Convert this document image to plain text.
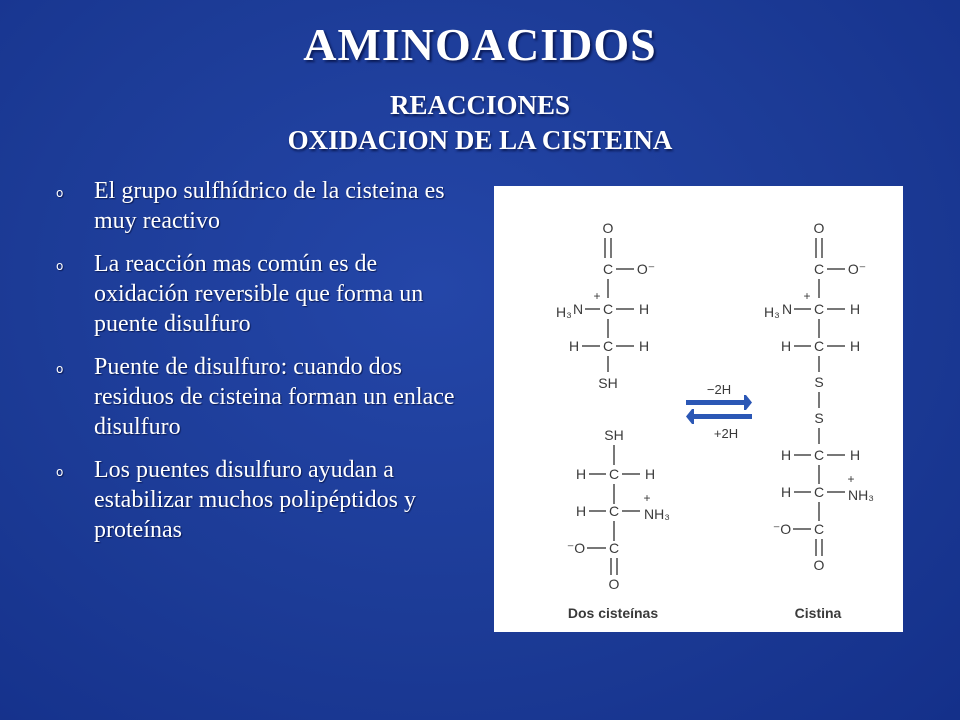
AMINOACIDOS
REACCIONES
OXIDACION DE LA CISTEINA
o El grupo sulfhídrico de la cisteina es muy reactivo
o La reacción mas común es de oxidación reversible que forma un puente disulfuro
o Puente de disulfuro: cuando dos residuos de cisteina forman un enlace disulfuro
o Los puentes disulfuro ayudan a estabilizar muchos polipéptidos y proteínas
O
C O⁻
C
+
H₃ N	H
C
H	H
SH
SH
C
H	H
C
H
+
NH₃
C
⁻O
O
−2H
+2H
O
C O⁻
C
+
H₃ N	H
C
H	H
S
S
C
H	H
C
H
+
NH₃
C
⁻O
O
Dos cisteínas	Cistina
